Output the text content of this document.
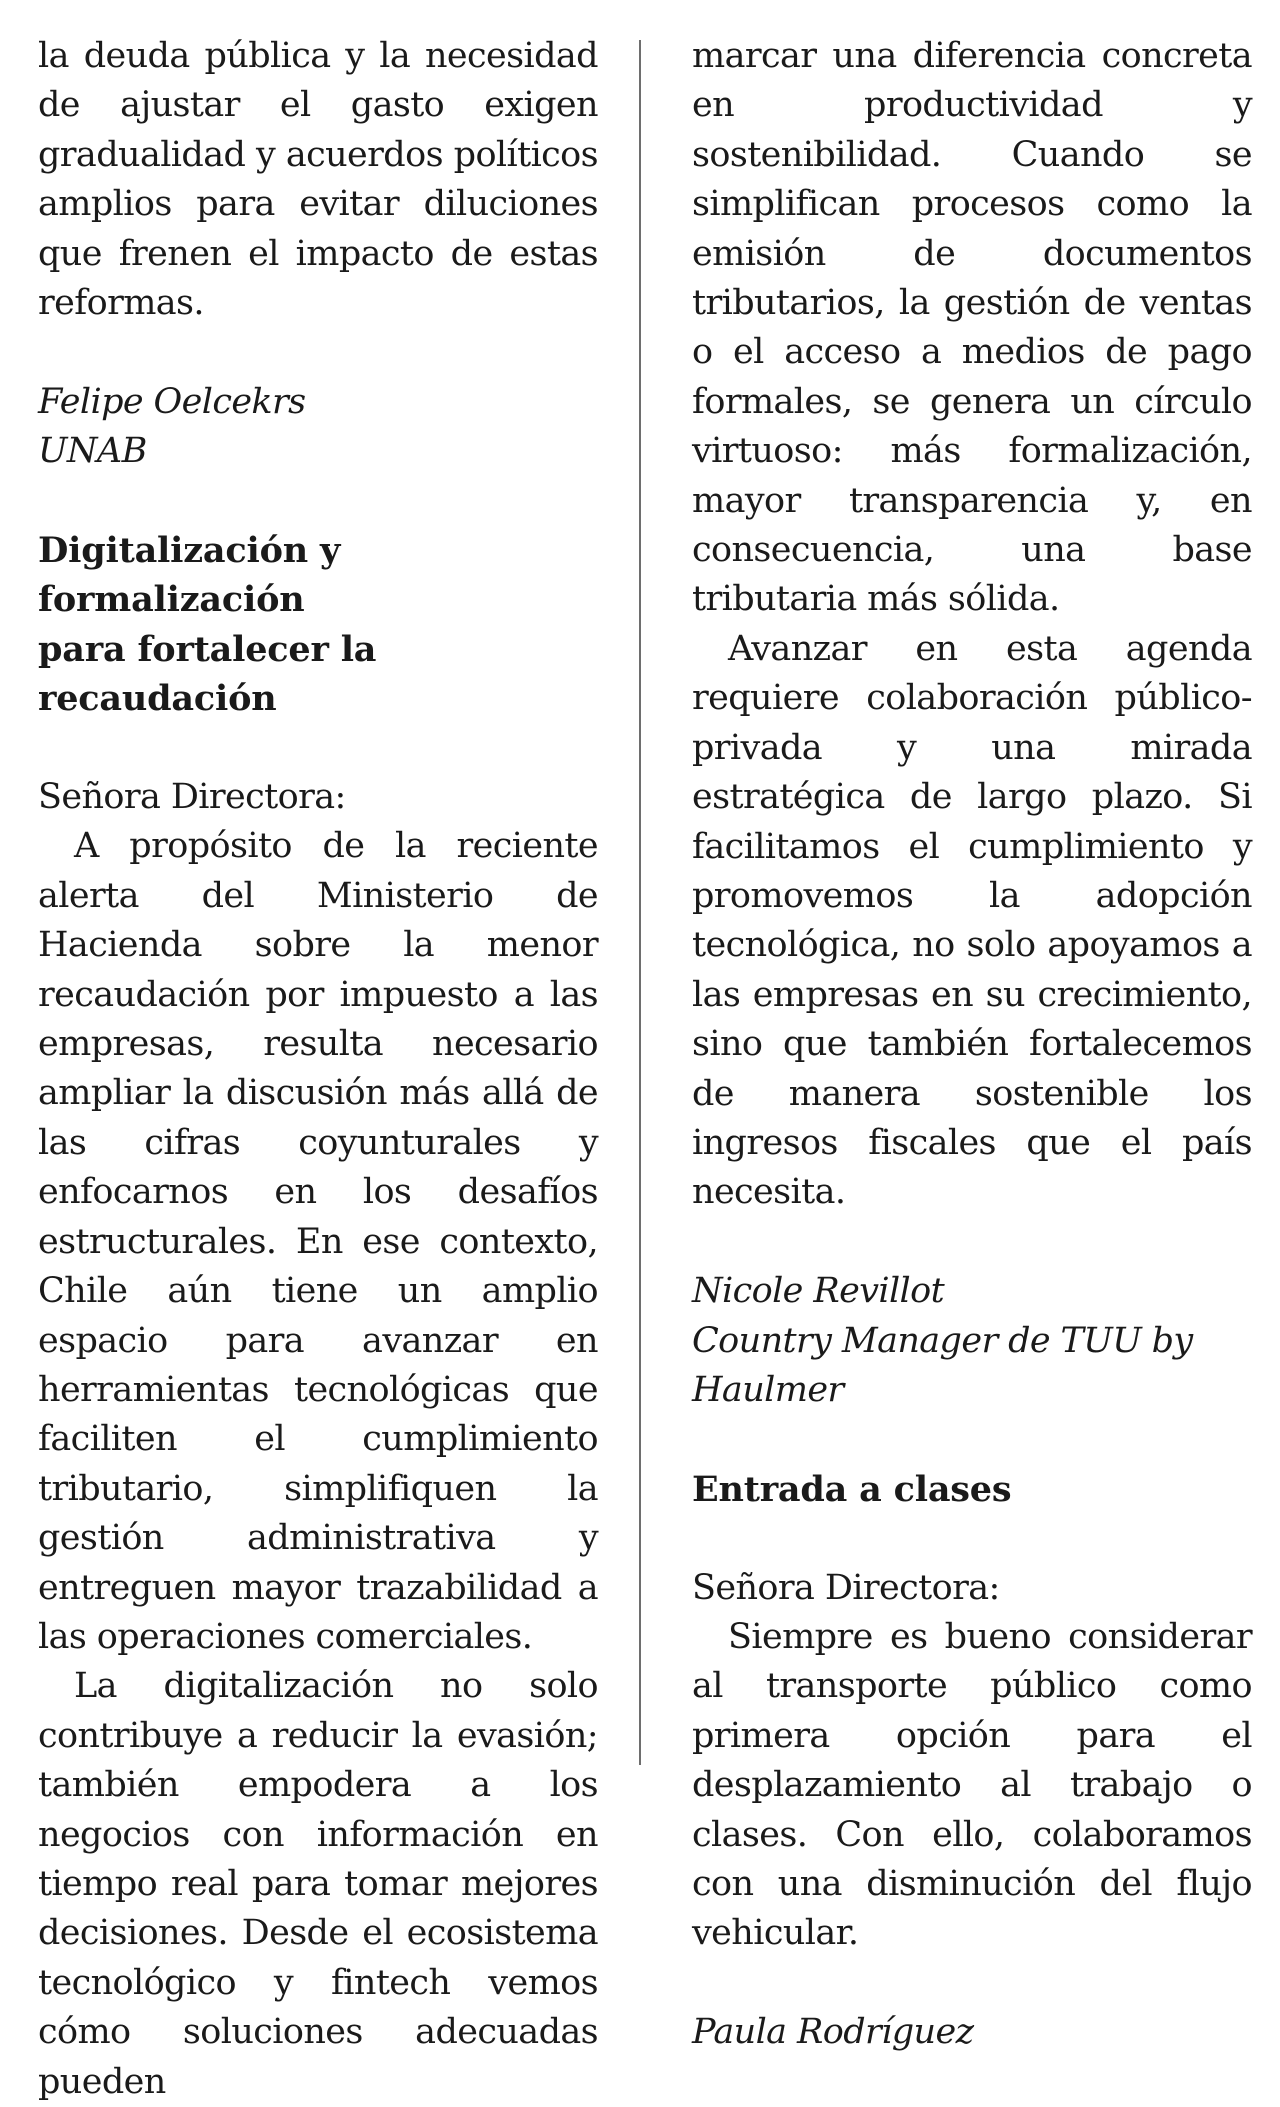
la deuda pública y la necesidad de ajustar el gasto exigen gradualidad y acuerdos políticos amplios para evitar diluciones que frenen el impacto de estas reformas.

Felipe Oelcekrs

UNAB

Digitalización y formalización

para fortalecer la recaudación

Señora Directora:

A propósito de la reciente alerta del Ministerio de Hacienda sobre la menor recaudación por impuesto a las empresas, resulta necesario ampliar la discusión más allá de las cifras coyunturales y enfocarnos en los desafíos estructurales. En ese contexto, Chile aún tiene un amplio espacio para avanzar en herramientas tecnológicas que faciliten el cumplimiento tributario, simplifiquen la gestión administrativa y entreguen mayor trazabilidad a las operaciones comerciales.

La digitalización no solo contribuye a reducir la evasión; también empodera a los negocios con información en tiempo real para tomar mejores decisiones. Desde el ecosistema tecnológico y fintech vemos cómo soluciones adecuadas pueden

marcar una diferencia concreta en productividad y sostenibilidad. Cuando se simplifican procesos como la emisión de documentos tributarios, la gestión de ventas o el acceso a medios de pago formales, se genera un círculo virtuoso: más formalización, mayor transparencia y, en consecuencia, una base tributaria más sólida.

Avanzar en esta agenda requiere colaboración público-privada y una mirada estratégica de largo plazo. Si facilitamos el cumplimiento y promovemos la adopción tecnológica, no solo apoyamos a las empresas en su crecimiento, sino que también fortalecemos de manera sostenible los ingresos fiscales que el país necesita.

Nicole Revillot

Country Manager de TUU by Haulmer

Entrada a clases

Señora Directora:

Siempre es bueno considerar al transporte público como primera opción para el desplazamiento al trabajo o clases. Con ello, colaboramos con una disminución del flujo vehicular.

Paula Rodríguez
